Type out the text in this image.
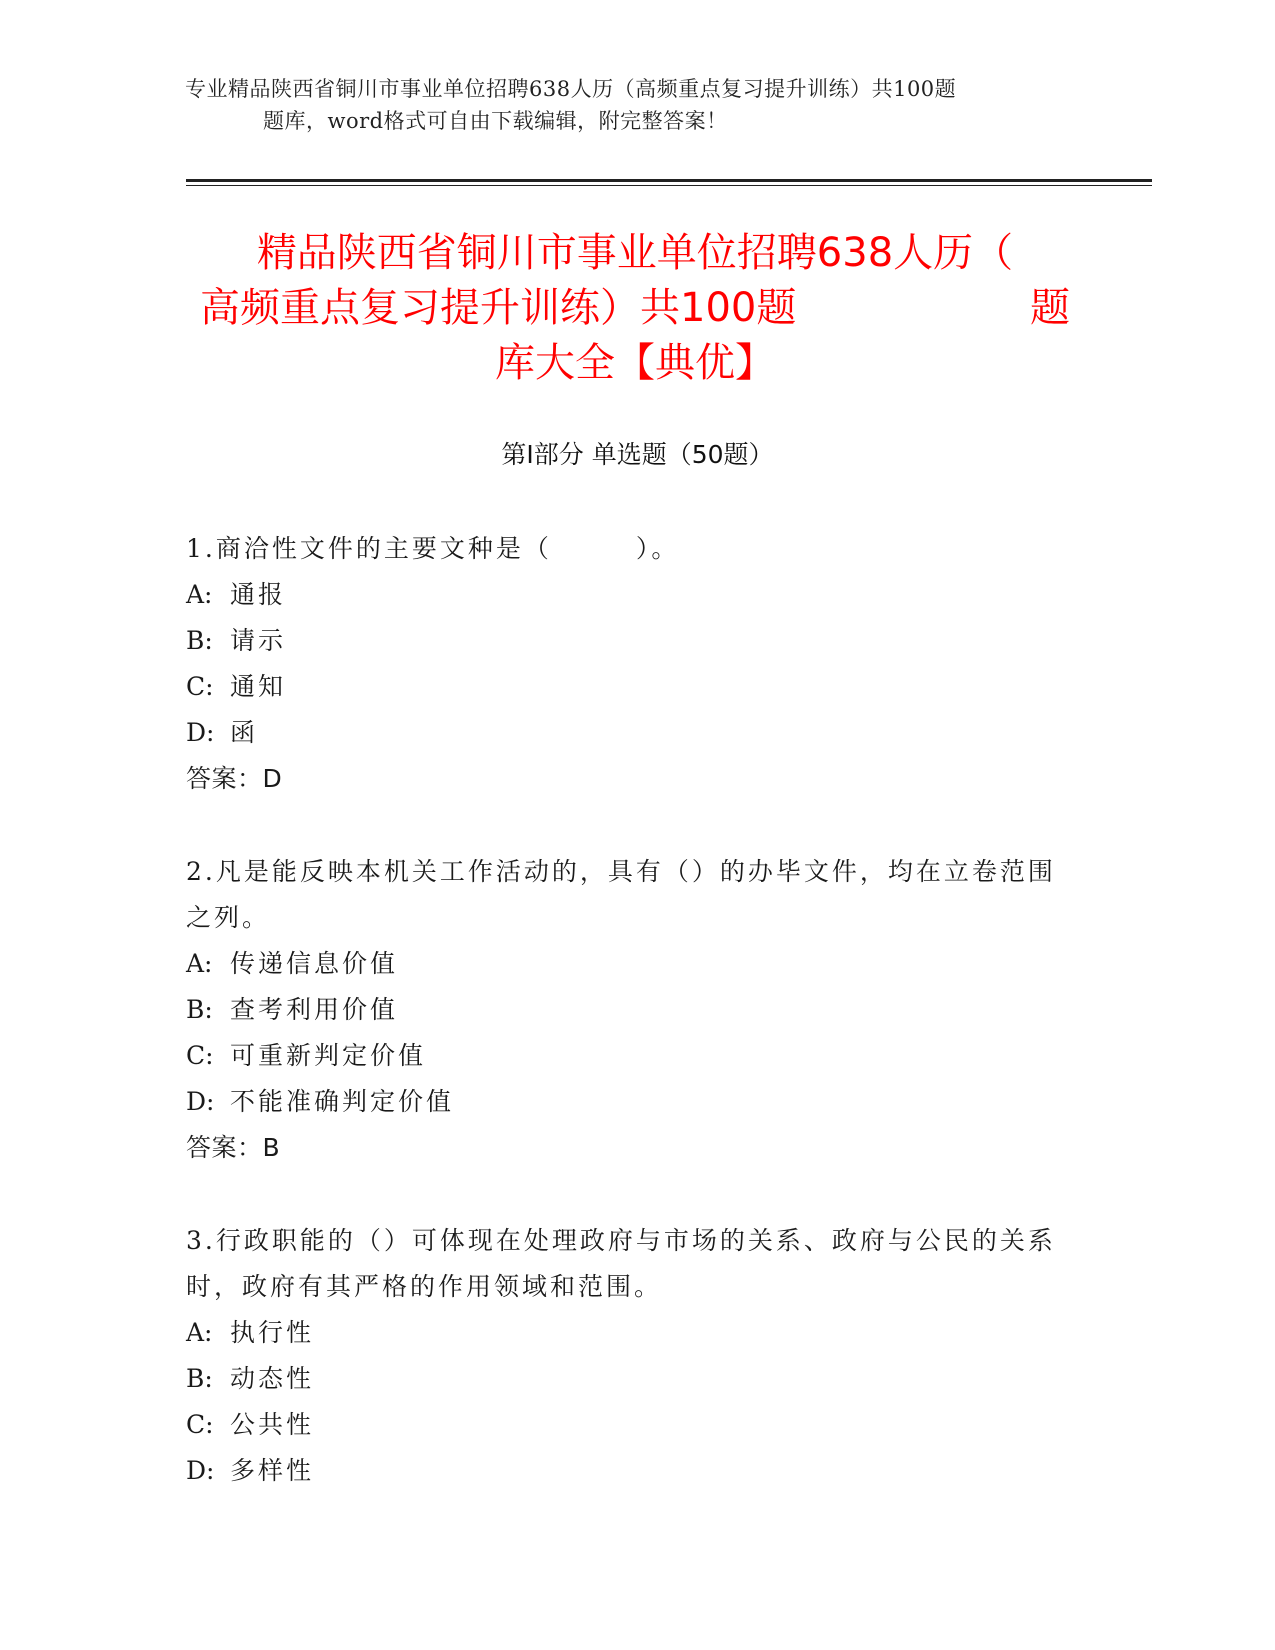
专业精品陕西省铜川市事业单位招聘638人历（高频重点复习提升训练）共100题
题库，word格式可自由下载编辑，附完整答案！
精品陕西省铜川市事业单位招聘638人历（
高频重点复习提升训练）共100题	题
库大全【典优】
第Ⅰ部分 单选题（50题）
1.商洽性文件的主要文种是（　　　）。
A: 通报
B: 请示
C: 通知
D: 函
答案：D
2.凡是能反映本机关工作活动的，具有（）的办毕文件，均在立卷范围之列。
A: 传递信息价值
B: 查考利用价值
C: 可重新判定价值
D: 不能准确判定价值
答案：B
3.行政职能的（）可体现在处理政府与市场的关系、政府与公民的关系时，政府有其严格的作用领域和范围。
A: 执行性
B: 动态性
C: 公共性
D: 多样性
